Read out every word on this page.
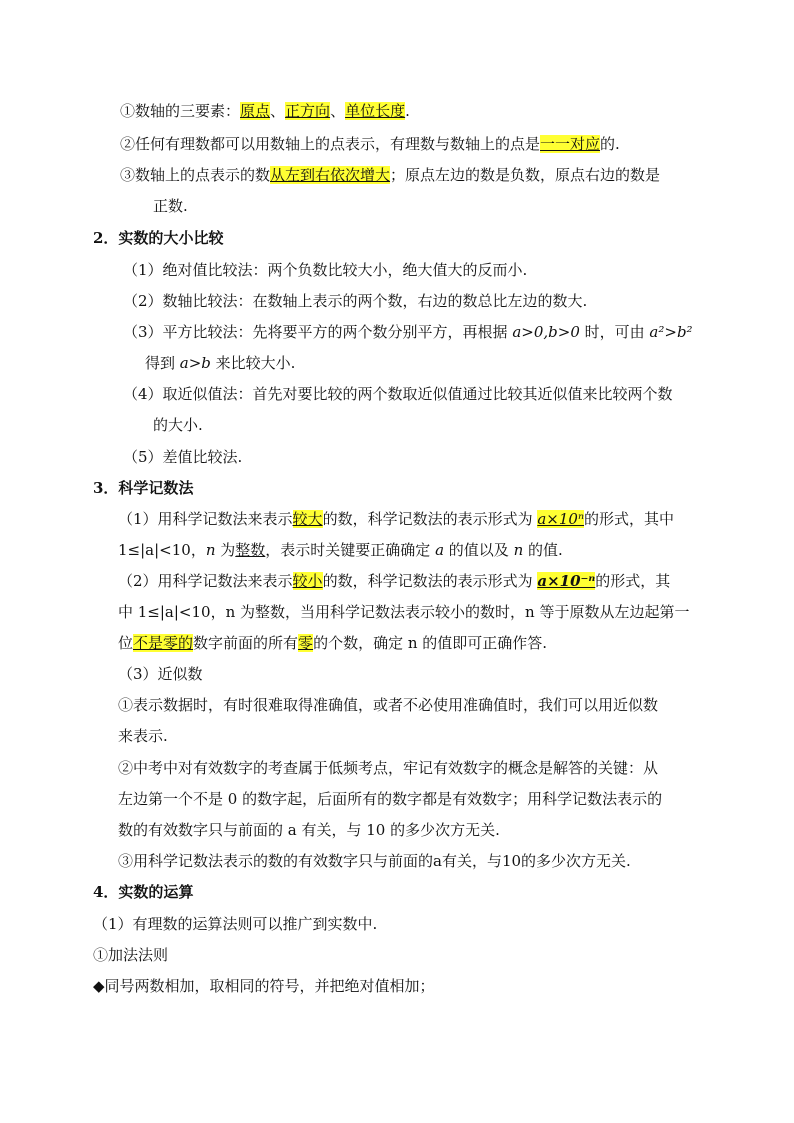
①数轴的三要素：原点、正方向、单位长度.
②任何有理数都可以用数轴上的点表示，有理数与数轴上的点是一一对应的.
③数轴上的点表示的数从左到右依次增大；原点左边的数是负数，原点右边的数是
正数.
2．实数的大小比较
（1）绝对值比较法：两个负数比较大小，绝大值大的反而小.
（2）数轴比较法：在数轴上表示的两个数，右边的数总比左边的数大.
（3）平方比较法：先将要平方的两个数分别平方，再根据 a>0,b>0 时，可由 a²>b²
得到 a>b 来比较大小.
（4）取近似值法：首先对要比较的两个数取近似值通过比较其近似值来比较两个数
的大小.
（5）差值比较法.
3．科学记数法
（1）用科学记数法来表示较大的数，科学记数法的表示形式为 a×10ⁿ的形式，其中
1≤|a|<10，n 为整数，表示时关键要正确确定 a 的值以及 n 的值.
（2）用科学记数法来表示较小的数，科学记数法的表示形式为 a×10⁻ⁿ的形式，其
中 1≤|a|<10，n 为整数，当用科学记数法表示较小的数时，n 等于原数从左边起第一
位不是零的数字前面的所有零的个数，确定 n 的值即可正确作答.
（3）近似数
①表示数据时，有时很难取得准确值，或者不必使用准确值时，我们可以用近似数
来表示.
②中考中对有效数字的考查属于低频考点，牢记有效数字的概念是解答的关键：从
左边第一个不是 0 的数字起，后面所有的数字都是有效数字；用科学记数法表示的
数的有效数字只与前面的 a 有关，与 10 的多少次方无关.
③用科学记数法表示的数的有效数字只与前面的a有关，与10的多少次方无关.
4．实数的运算
（1）有理数的运算法则可以推广到实数中.
①加法法则
◆同号两数相加，取相同的符号，并把绝对值相加；
